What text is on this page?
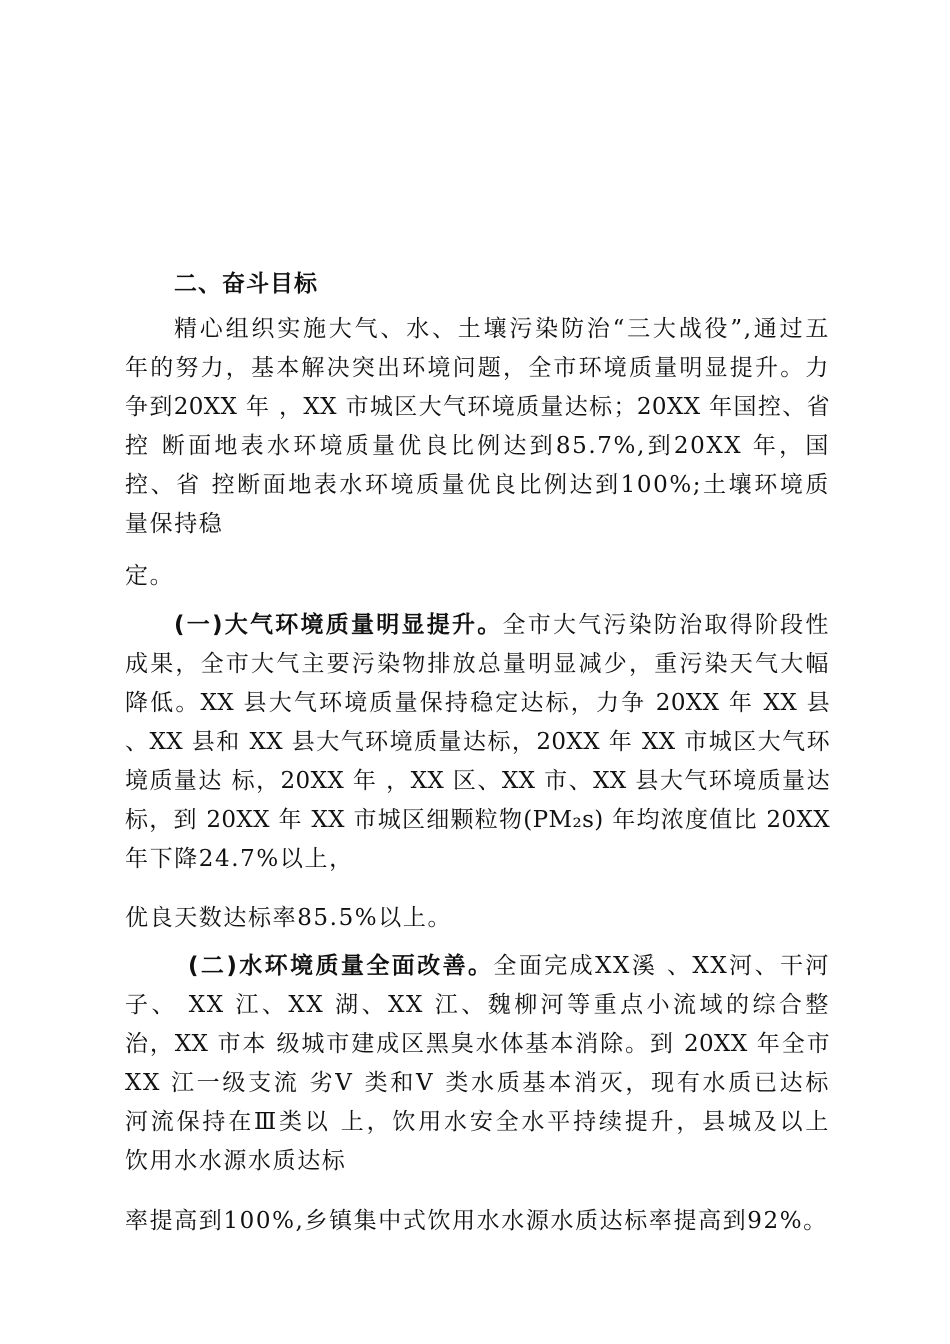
二、奋斗目标
精心组织实施大气、水、土壤污染防治“三大战役”,通过五
年的努力，基本解决突出环境问题，全市环境质量明显提升。力
争到20XX 年 ，XX 市城区大气环境质量达标；20XX 年国控、省
控 断面地表水环境质量优良比例达到85.7%,到20XX 年，国
控、省 控断面地表水环境质量优良比例达到100%;土壤环境质
量保持稳
定。
(一)大气环境质量明显提升。全市大气污染防治取得阶段性
成果，全市大气主要污染物排放总量明显减少，重污染天气大幅
降低。XX 县大气环境质量保持稳定达标，力争 20XX 年 XX 县
、XX 县和 XX 县大气环境质量达标，20XX 年 XX 市城区大气环
境质量达 标，20XX 年 ，XX 区、XX 市、XX 县大气环境质量达
标，到 20XX 年 XX 市城区细颗粒物(PM₂s) 年均浓度值比 20XX
年下降24.7%以上，
优良天数达标率85.5%以上。
(二)水环境质量全面改善。全面完成XX溪 、XX河、干河
子、 XX 江、XX 湖、XX 江、魏柳河等重点小流域的综合整
治，XX 市本 级城市建成区黑臭水体基本消除。到 20XX 年全市
XX 江一级支流 劣Ⅴ 类和Ⅴ 类水质基本消灭，现有水质已达标
河流保持在Ⅲ类以 上，饮用水安全水平持续提升，县城及以上
饮用水水源水质达标
率提高到100%,乡镇集中式饮用水水源水质达标率提高到92%。
